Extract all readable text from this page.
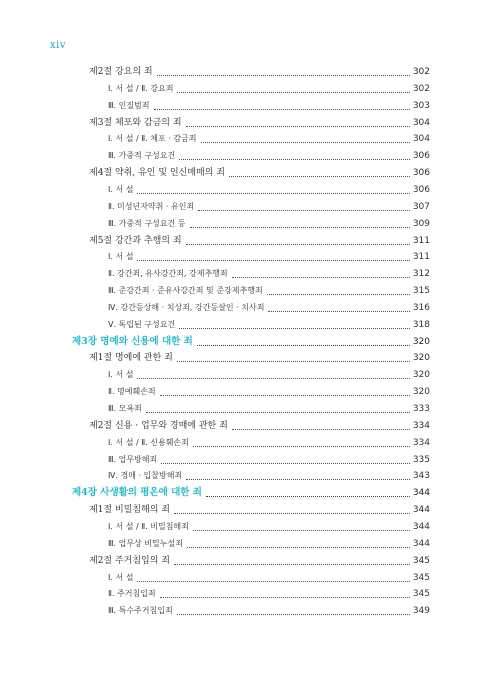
xiv
제2절 강요의 죄	302
Ⅰ. 서 설 / Ⅱ. 강요죄	302
Ⅲ. 인질범죄	303
제3절 체포와 감금의 죄	304
Ⅰ. 서 설 / Ⅱ. 체포 · 감금죄	304
Ⅲ. 가중적 구성요건	306
제4절 약취, 유인 및 인신매매의 죄	306
Ⅰ. 서 설	306
Ⅱ. 미성년자약취 · 유인죄	307
Ⅲ. 가중적 구성요건 등	309
제5절 강간과 추행의 죄	311
Ⅰ. 서 설	311
Ⅱ. 강간죄, 유사강간죄, 강제추행죄	312
Ⅲ. 준강간죄 · 준유사강간죄 및 준강제추행죄	315
Ⅳ. 강간등상해 · 치상죄, 강간등살인 · 치사죄	316
Ⅴ. 독립된 구성요건	318
제3장 명예와 신용에 대한 죄	320
제1절 명예에 관한 죄	320
Ⅰ. 서 설	320
Ⅱ. 명예훼손죄	320
Ⅲ. 모욕죄	333
제2절 신용 · 업무와 경매에 관한 죄	334
Ⅰ. 서 설 / Ⅱ. 신용훼손죄	334
Ⅲ. 업무방해죄	335
Ⅳ. 경매 · 입찰방해죄	343
제4장 사생활의 평온에 대한 죄	344
제1절 비밀침해의 죄	344
Ⅰ. 서 설 / Ⅱ. 비밀침해죄	344
Ⅲ. 업무상 비밀누설죄	344
제2절 주거침입의 죄	345
Ⅰ. 서 설	345
Ⅱ. 주거침입죄	345
Ⅲ. 특수주거침입죄	349
